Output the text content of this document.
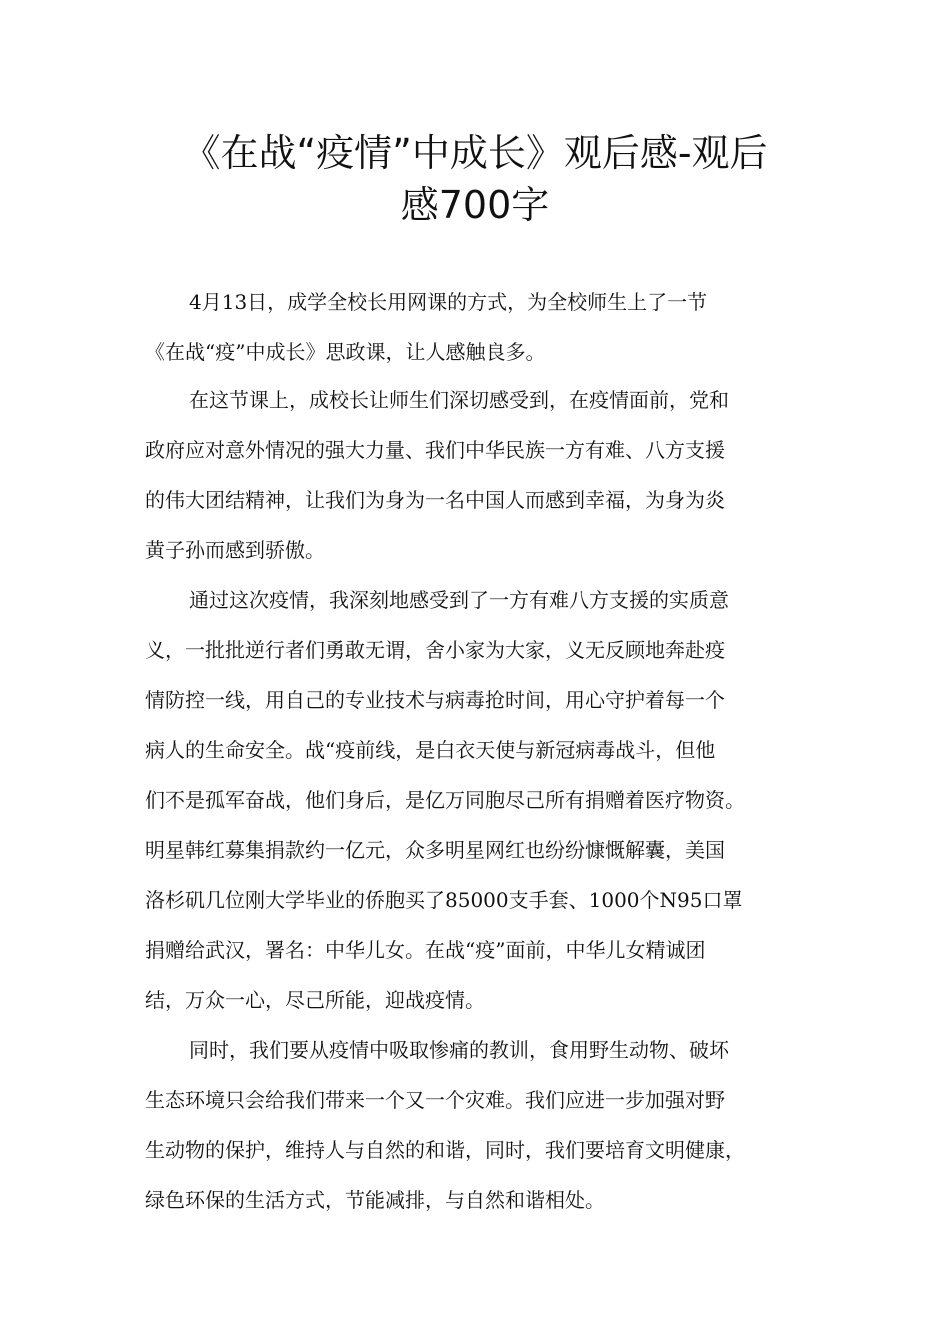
《在战“疫情”中成长》观后感-观后
感700字
4月13日，成学全校长用网课的方式，为全校师生上了一节
《在战“疫”中成长》思政课，让人感触良多。
在这节课上，成校长让师生们深切感受到，在疫情面前，党和
政府应对意外情况的强大力量、我们中华民族一方有难、八方支援
的伟大团结精神，让我们为身为一名中国人而感到幸福，为身为炎
黄子孙而感到骄傲。
通过这次疫情，我深刻地感受到了一方有难八方支援的实质意
义，一批批逆行者们勇敢无谓，舍小家为大家，义无反顾地奔赴疫
情防控一线，用自己的专业技术与病毒抢时间，用心守护着每一个
病人的生命安全。战“疫前线，是白衣天使与新冠病毒战斗，但他
们不是孤军奋战，他们身后，是亿万同胞尽己所有捐赠着医疗物资。
明星韩红募集捐款约一亿元，众多明星网红也纷纷慷慨解囊，美国
洛杉矶几位刚大学毕业的侨胞买了85000支手套、1000个N95口罩
捐赠给武汉，署名：中华儿女。在战“疫”面前，中华儿女精诚团
结，万众一心，尽己所能，迎战疫情。
同时，我们要从疫情中吸取惨痛的教训，食用野生动物、破坏
生态环境只会给我们带来一个又一个灾难。我们应进一步加强对野
生动物的保护，维持人与自然的和谐，同时，我们要培育文明健康，
绿色环保的生活方式，节能减排，与自然和谐相处。
